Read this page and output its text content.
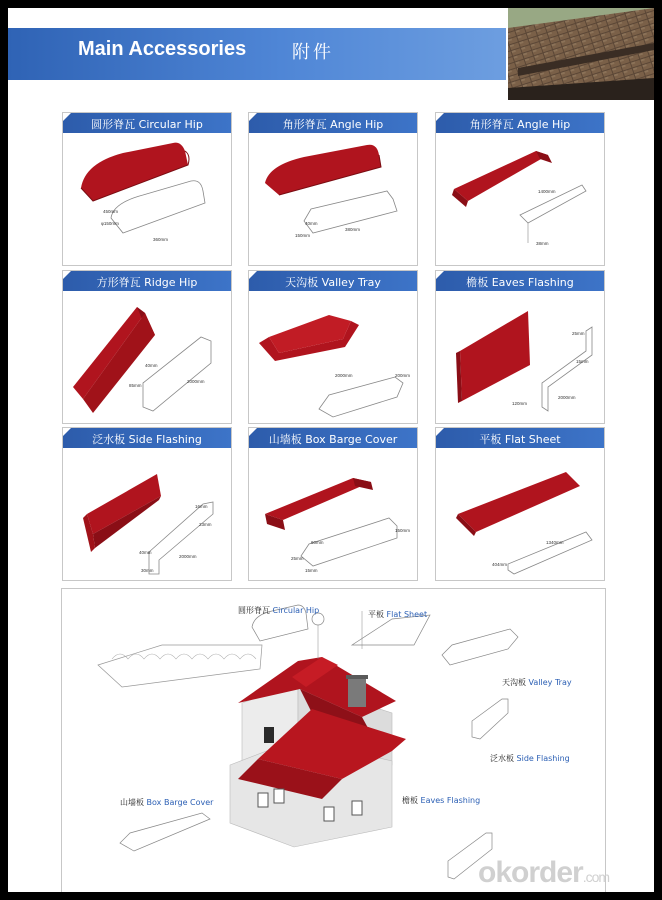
Main Accessories	附件
圆形脊瓦 Circular Hip
450mm
φ150mm
360mm
角形脊瓦 Angle Hip
40mm
150mm
380mm
角形脊瓦 Angle Hip
1400mm
38mm
方形脊瓦 Ridge Hip
40mm
85mm
2000mm
天沟板 Valley Tray
2000mm	200mm
檐板 Eaves Flashing
25mm
15mm
120mm
2000mm
泛水板 Side Flashing
16mm
23mm
40mm
2000mm
30mm
山墙板 Box Barge Cover
60mm
150mm
25mm
15mm
平板 Flat Sheet
1340mm
404mm
圆形脊瓦 Circular Hip	平板 Flat Sheet
天沟板 Valley Tray
泛水板 Side Flashing
山墙板 Box Barge Cover	檐板 Eaves Flashing
okorder.com
